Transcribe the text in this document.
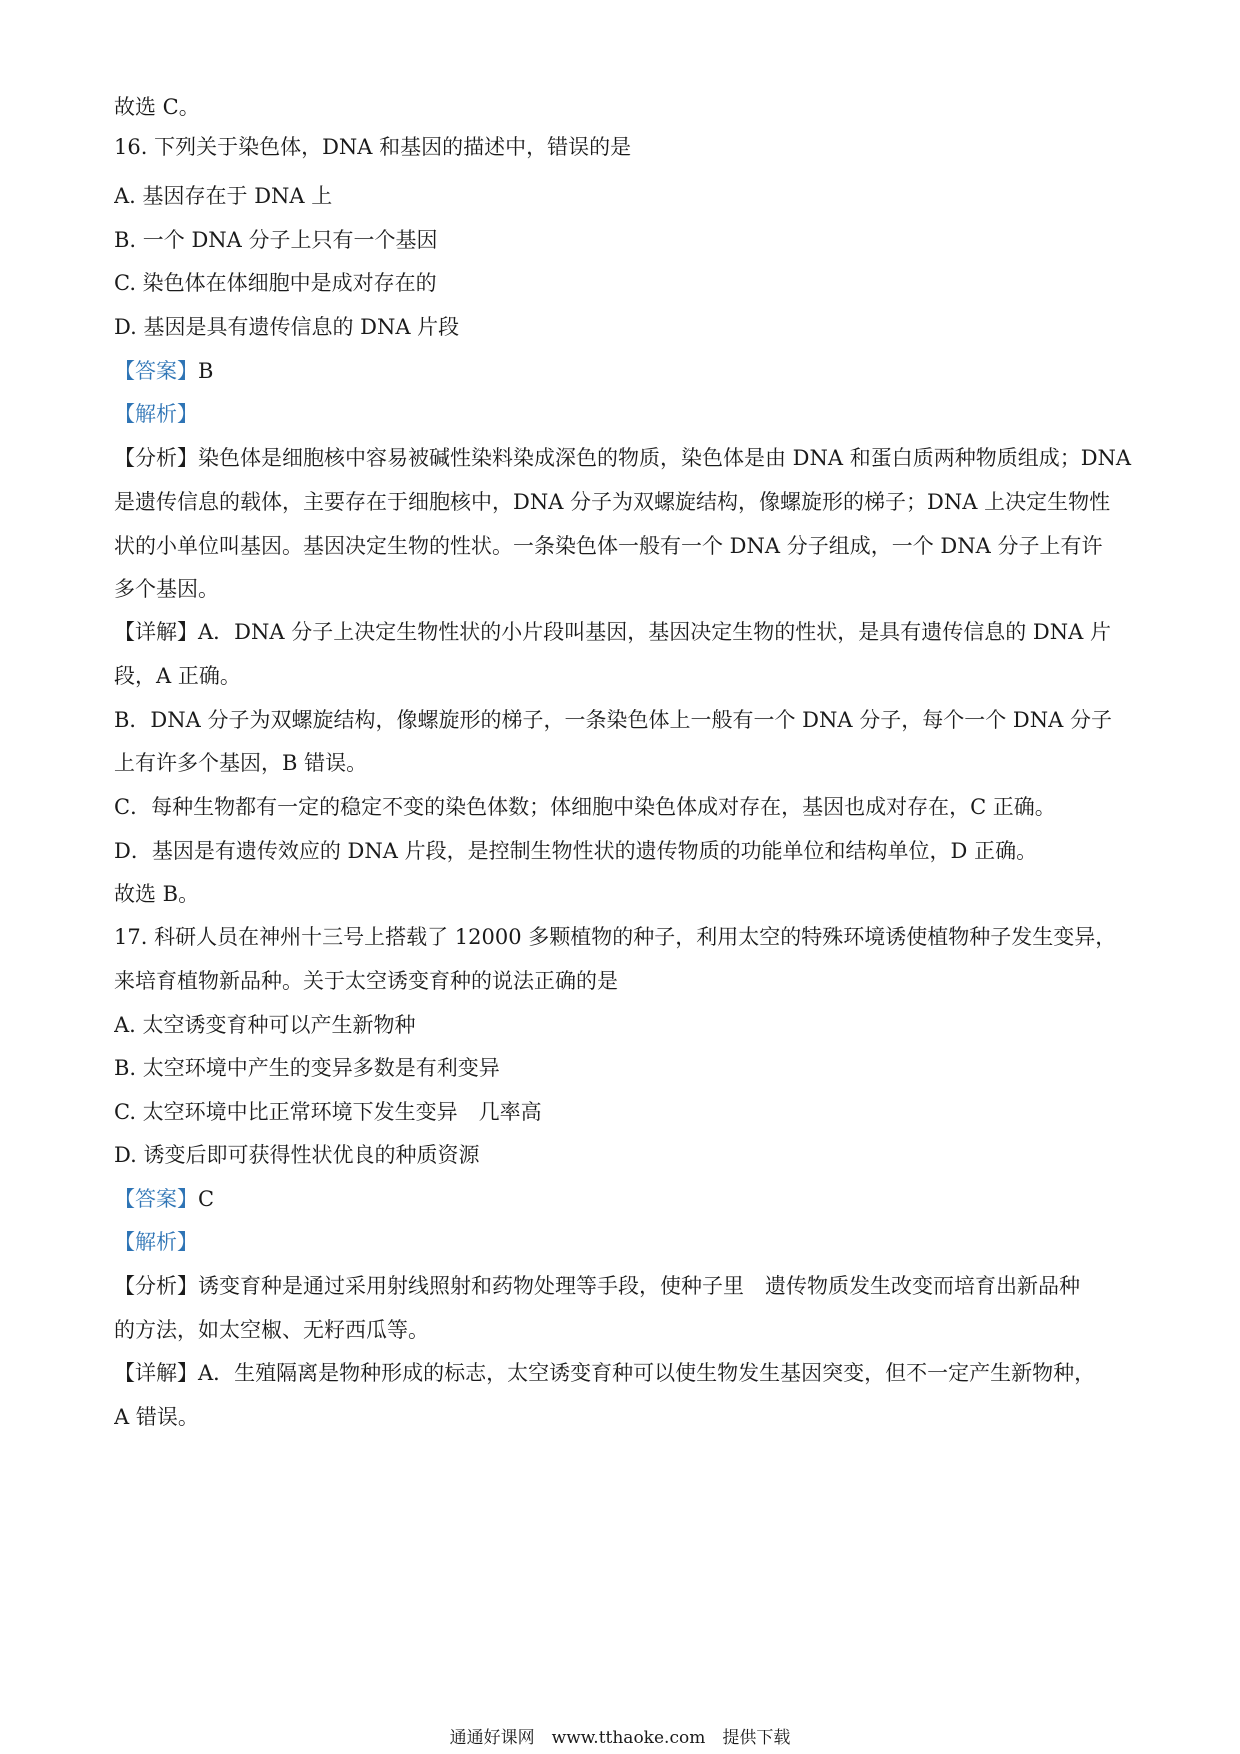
故选 C。
16. 下列关于染色体，DNA 和基因的描述中，错误的是
A. 基因存在于 DNA 上
B. 一个 DNA 分子上只有一个基因
C. 染色体在体细胞中是成对存在的
D. 基因是具有遗传信息的 DNA 片段
【答案】B
【解析】
【分析】染色体是细胞核中容易被碱性染料染成深色的物质，染色体是由 DNA 和蛋白质两种物质组成；DNA
是遗传信息的载体，主要存在于细胞核中，DNA 分子为双螺旋结构，像螺旋形的梯子；DNA 上决定生物性
状的小单位叫基因。基因决定生物的性状。一条染色体一般有一个 DNA 分子组成，一个 DNA 分子上有许
多个基因。
【详解】A．DNA 分子上决定生物性状的小片段叫基因，基因决定生物的性状，是具有遗传信息的 DNA 片
段，A 正确。
B．DNA 分子为双螺旋结构，像螺旋形的梯子，一条染色体上一般有一个 DNA 分子，每个一个 DNA 分子
上有许多个基因，B 错误。
C．每种生物都有一定的稳定不变的染色体数；体细胞中染色体成对存在，基因也成对存在，C 正确。
D．基因是有遗传效应的 DNA 片段，是控制生物性状的遗传物质的功能单位和结构单位，D 正确。
故选 B。
17. 科研人员在神州十三号上搭载了 12000 多颗植物的种子，利用太空的特殊环境诱使植物种子发生变异，
来培育植物新品种。关于太空诱变育种的说法正确的是
A. 太空诱变育种可以产生新物种
B. 太空环境中产生的变异多数是有利变异
C. 太空环境中比正常环境下发生变异　几率高
D. 诱变后即可获得性状优良的种质资源
【答案】C
【解析】
【分析】诱变育种是通过采用射线照射和药物处理等手段，使种子里　遗传物质发生改变而培育出新品种
的方法，如太空椒、无籽西瓜等。
【详解】A．生殖隔离是物种形成的标志，太空诱变育种可以使生物发生基因突变，但不一定产生新物种，
A 错误。
通通好课网　www.tthaoke.com　提供下载
